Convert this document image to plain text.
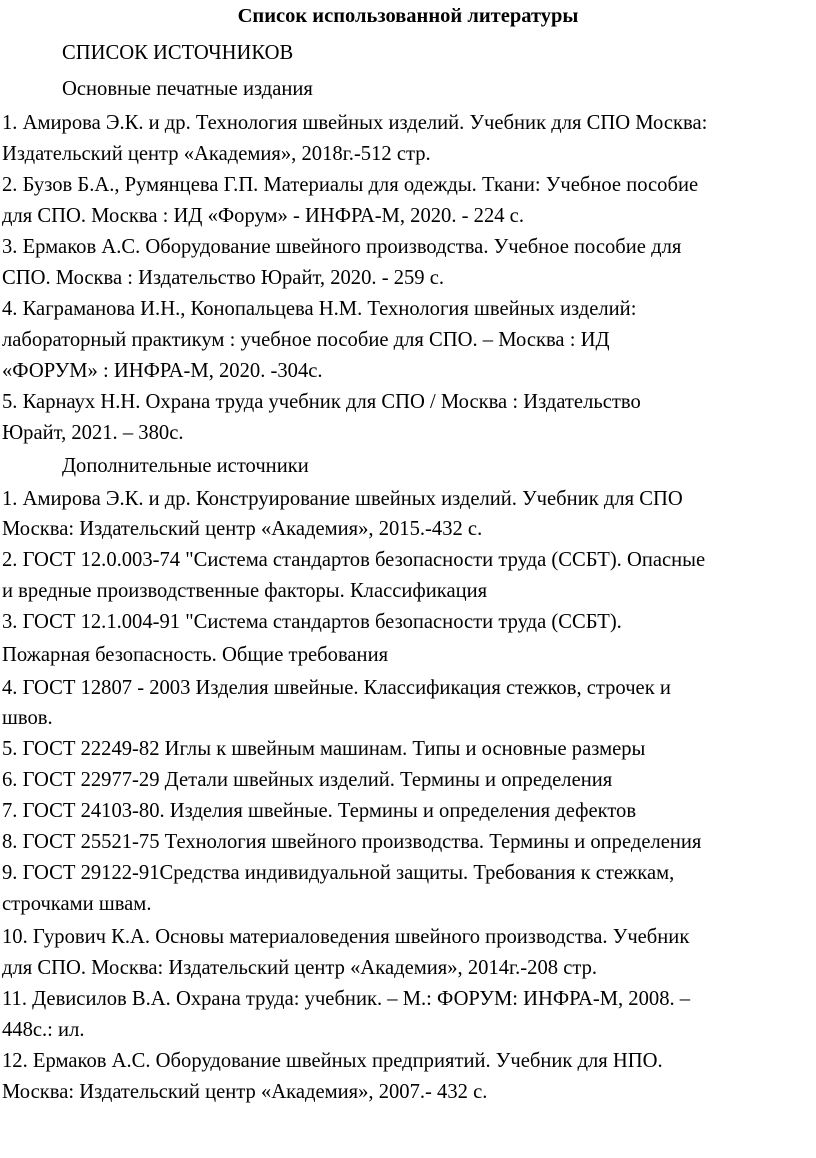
Список использованной литературы
СПИСОК ИСТОЧНИКОВ
Основные печатные издания
1. Амирова Э.К. и др. Технология швейных изделий. Учебник для СПО Москва:
Издательский центр «Академия», 2018г.-512 стр.
2. Бузов Б.А., Румянцева Г.П. Материалы для одежды. Ткани: Учебное пособие
для СПО. Москва : ИД «Форум» - ИНФРА-М, 2020. - 224 с.
3. Ермаков А.С. Оборудование швейного производства. Учебное пособие для
СПО. Москва : Издательство Юрайт, 2020. - 259 с.
4. Каграманова И.Н., Конопальцева Н.М. Технология швейных изделий:
лабораторный практикум : учебное пособие для СПО. – Москва : ИД
«ФОРУМ» : ИНФРА-М, 2020. -304с.
5. Карнаух Н.Н. Охрана труда учебник для СПО / Москва : Издательство
Юрайт, 2021. – 380с.
Дополнительные источники
1. Амирова Э.К. и др. Конструирование швейных изделий. Учебник для СПО
Москва: Издательский центр «Академия», 2015.-432 с.
2. ГОСТ 12.0.003-74 "Система стандартов безопасности труда (ССБТ). Опасные
и вредные производственные факторы. Классификация
3. ГОСТ 12.1.004-91 "Система стандартов безопасности труда (ССБТ).
Пожарная безопасность. Общие требования
4. ГОСТ 12807 - 2003 Изделия швейные. Классификация стежков, строчек и
швов.
5. ГОСТ 22249-82 Иглы к швейным машинам. Типы и основные размеры
6. ГОСТ 22977-29 Детали швейных изделий. Термины и определения
7. ГОСТ 24103-80. Изделия швейные. Термины и определения дефектов
8. ГОСТ 25521-75 Технология швейного производства. Термины и определения
9. ГОСТ 29122-91Средства индивидуальной защиты. Требования к стежкам,
строчками швам.
10. Гурович К.А. Основы материаловедения швейного производства. Учебник
для СПО. Москва: Издательский центр «Академия», 2014г.-208 стр.
11. Девисилов В.А. Охрана труда: учебник. – М.: ФОРУМ: ИНФРА-М, 2008. –
448с.: ил.
12. Ермаков А.С. Оборудование швейных предприятий. Учебник для НПО.
Москва: Издательский центр «Академия», 2007.- 432 с.
